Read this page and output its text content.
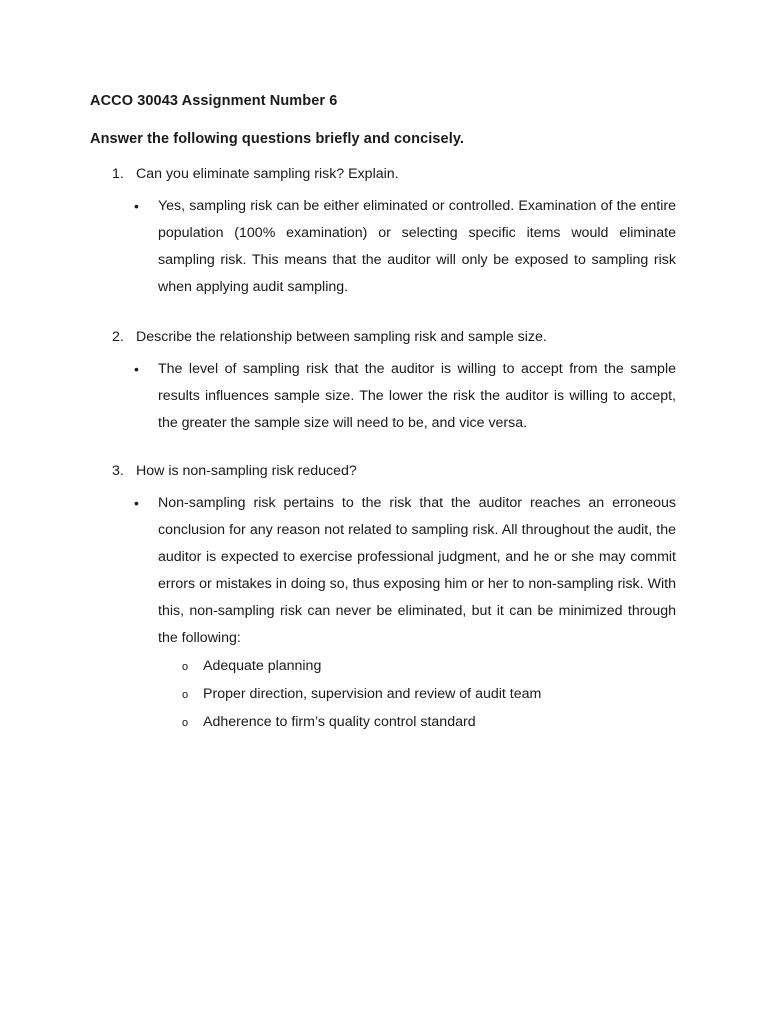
ACCO 30043 Assignment Number 6
Answer the following questions briefly and concisely.
1. Can you eliminate sampling risk? Explain.
• Yes, sampling risk can be either eliminated or controlled. Examination of the entire population (100% examination) or selecting specific items would eliminate sampling risk. This means that the auditor will only be exposed to sampling risk when applying audit sampling.

2. Describe the relationship between sampling risk and sample size.
• The level of sampling risk that the auditor is willing to accept from the sample results influences sample size. The lower the risk the auditor is willing to accept, the greater the sample size will need to be, and vice versa.

3. How is non-sampling risk reduced?
• Non-sampling risk pertains to the risk that the auditor reaches an erroneous conclusion for any reason not related to sampling risk. All throughout the audit, the auditor is expected to exercise professional judgment, and he or she may commit errors or mistakes in doing so, thus exposing him or her to non-sampling risk. With this, non-sampling risk can never be eliminated, but it can be minimized through the following:

o Adequate planning
o Proper direction, supervision and review of audit team
o Adherence to firm’s quality control standard
